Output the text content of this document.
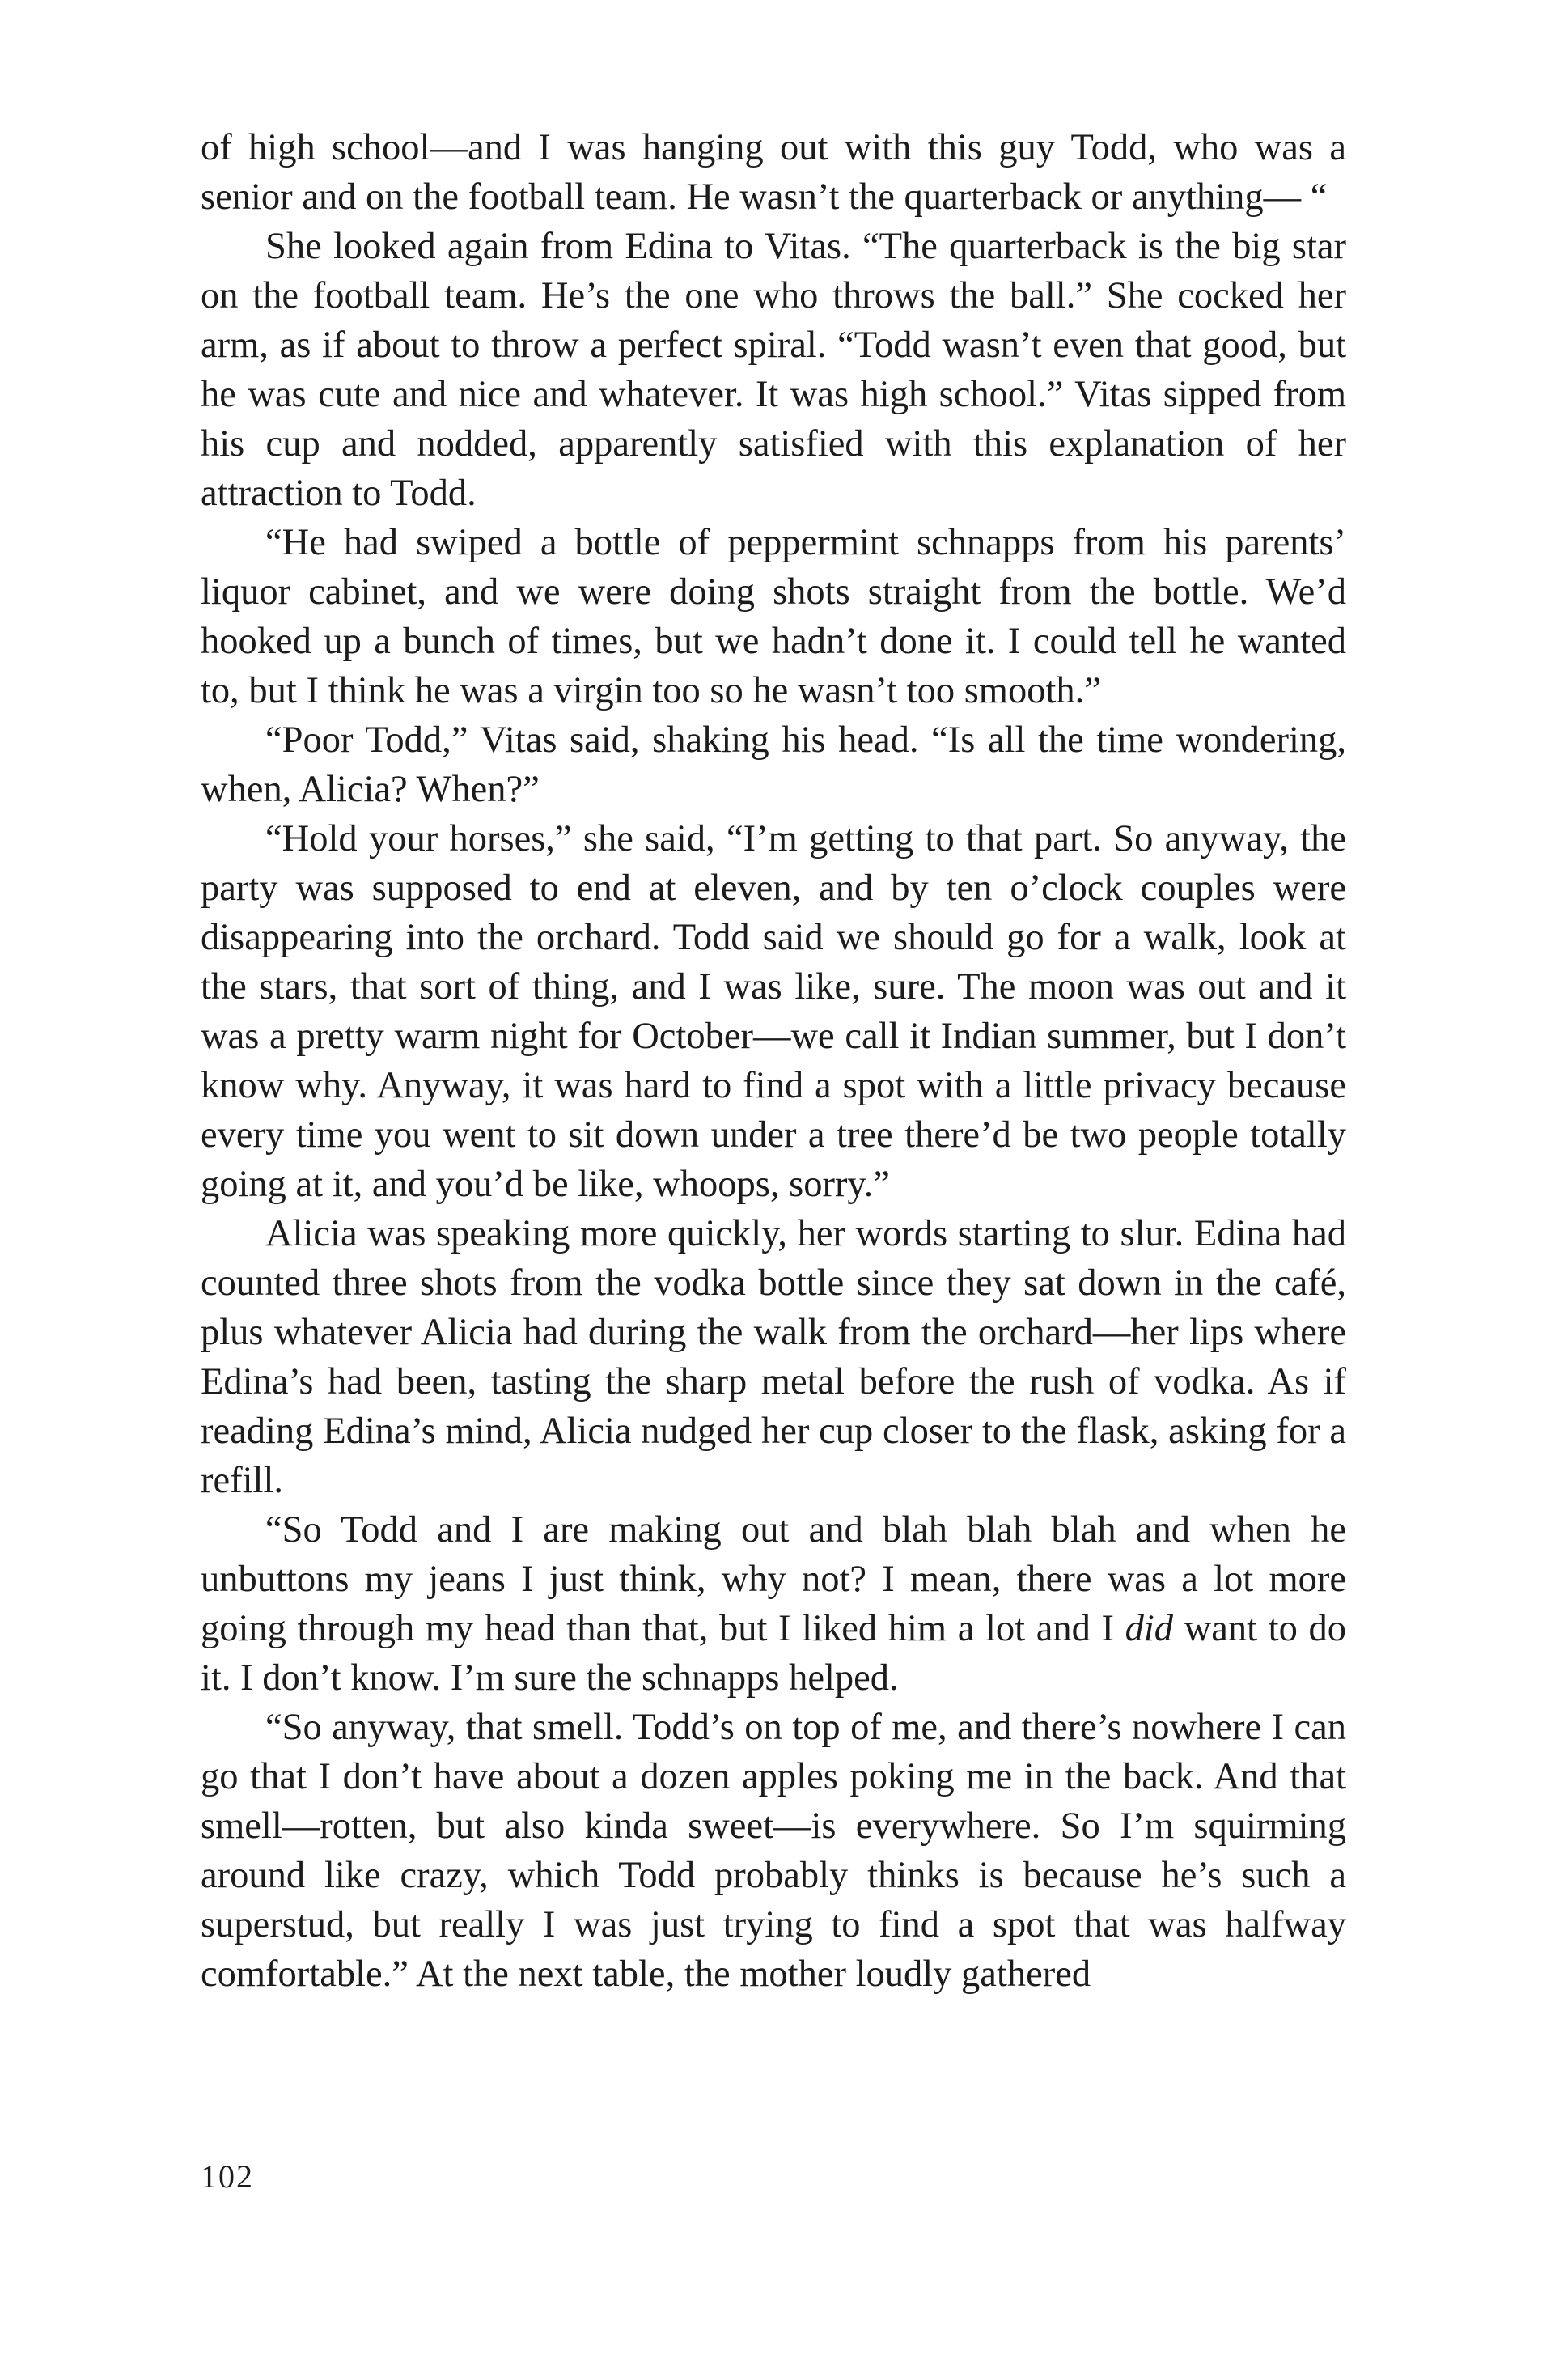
of high school—and I was hanging out with this guy Todd, who was a senior and on the football team. He wasn’t the quarterback or anything— “

She looked again from Edina to Vitas. “The quarterback is the big star on the football team. He’s the one who throws the ball.” She cocked her arm, as if about to throw a perfect spiral. “Todd wasn’t even that good, but he was cute and nice and whatever. It was high school.” Vitas sipped from his cup and nodded, apparently satisfied with this explanation of her attraction to Todd.

“He had swiped a bottle of peppermint schnapps from his parents’ liquor cabinet, and we were doing shots straight from the bottle. We’d hooked up a bunch of times, but we hadn’t done it. I could tell he wanted to, but I think he was a virgin too so he wasn’t too smooth.”

“Poor Todd,” Vitas said, shaking his head. “Is all the time wondering, when, Alicia? When?”

“Hold your horses,” she said, “I’m getting to that part. So anyway, the party was supposed to end at eleven, and by ten o’clock couples were disappearing into the orchard. Todd said we should go for a walk, look at the stars, that sort of thing, and I was like, sure. The moon was out and it was a pretty warm night for October—we call it Indian summer, but I don’t know why. Anyway, it was hard to find a spot with a little privacy because every time you went to sit down under a tree there’d be two people totally going at it, and you’d be like, whoops, sorry.”

Alicia was speaking more quickly, her words starting to slur. Edina had counted three shots from the vodka bottle since they sat down in the café, plus whatever Alicia had during the walk from the orchard—her lips where Edina’s had been, tasting the sharp metal before the rush of vodka. As if reading Edina’s mind, Alicia nudged her cup closer to the flask, asking for a refill.

“So Todd and I are making out and blah blah blah and when he unbuttons my jeans I just think, why not? I mean, there was a lot more going through my head than that, but I liked him a lot and I did want to do it. I don’t know. I’m sure the schnapps helped.

“So anyway, that smell. Todd’s on top of me, and there’s nowhere I can go that I don’t have about a dozen apples poking me in the back. And that smell—rotten, but also kinda sweet—is everywhere. So I’m squirming around like crazy, which Todd probably thinks is because he’s such a superstud, but really I was just trying to find a spot that was halfway comfortable.” At the next table, the mother loudly gathered

102
